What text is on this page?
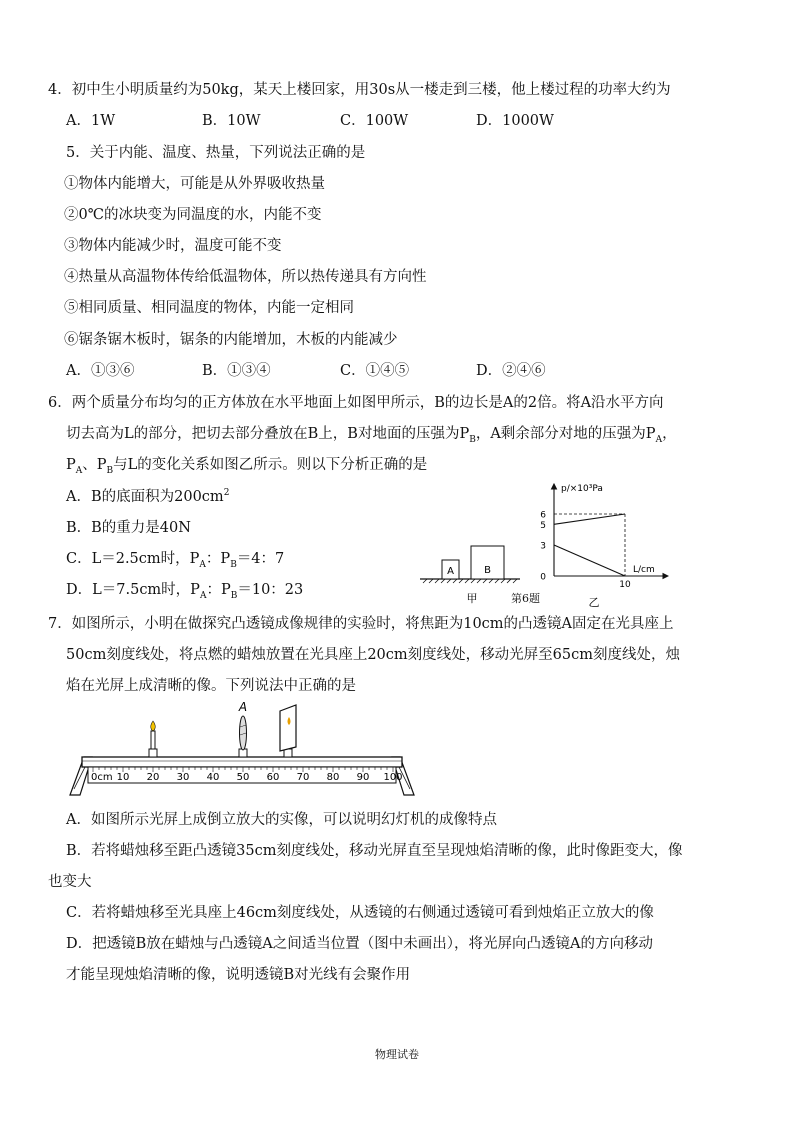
4．初中生小明质量约为50kg，某天上楼回家，用30s从一楼走到三楼，他上楼过程的功率大约为
A．1W	B．10W	C．100W	D．1000W
5．关于内能、温度、热量，下列说法正确的是
①物体内能增大，可能是从外界吸收热量
②0℃的冰块变为同温度的水，内能不变
③物体内能减少时，温度可能不变
④热量从高温物体传给低温物体，所以热传递具有方向性
⑤相同质量、相同温度的物体，内能一定相同
⑥锯条锯木板时，锯条的内能增加，木板的内能减少
A．①③⑥	B．①③④	C．①④⑤	D．②④⑥
6．两个质量分布均匀的正方体放在水平地面上如图甲所示，B的边长是A的2倍。将A沿水平方向
切去高为L的部分，把切去部分叠放在B上，B对地面的压强为$P_B$，A剩余部分对地的压强为$P_A$，
$P_A$、$P_B$与L的变化关系如图乙所示。则以下分析正确的是
A．B的底面积为$200cm^2$
B．B的重力是40N
C．L＝2.5cm时，$P_A$：$P_B=4$：7
D．L＝7.5cm时，$P_A$：$P_B=10$：23
A	B
甲	第6题
p/×10³Pa
L/cm
6
5
3
0
10
乙
7．如图所示，小明在做探究凸透镜成像规律的实验时，将焦距为10cm的凸透镜A固定在光具座上
50cm刻度线处，将点燃的蜡烛放置在光具座上20cm刻度线处，移动光屏至65cm刻度线处，烛
焰在光屏上成清晰的像。下列说法中正确的是
10 20 30 40 50 60 70 80 90 100
0cm
A
A．如图所示光屏上成倒立放大的实像，可以说明幻灯机的成像特点
B．若将蜡烛移至距凸透镜35cm刻度线处，移动光屏直至呈现烛焰清晰的像，此时像距变大，像
也变大
C．若将蜡烛移至光具座上46cm刻度线处，从透镜的右侧通过透镜可看到烛焰正立放大的像
D．把透镜B放在蜡烛与凸透镜A之间适当位置（图中未画出），将光屏向凸透镜A的方向移动
才能呈现烛焰清晰的像，说明透镜B对光线有会聚作用
物理试卷
